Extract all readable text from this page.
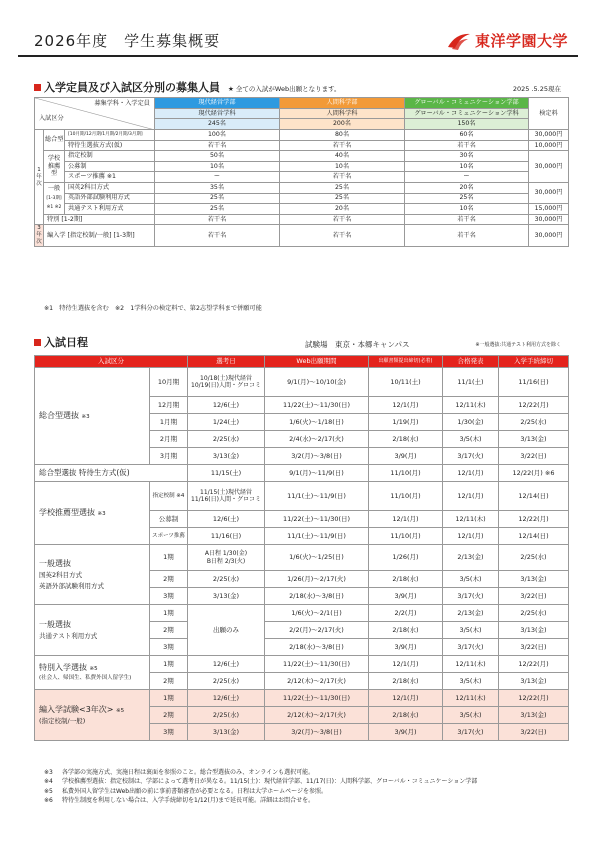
2026年度　学生募集概要	東洋学園大学
入学定員及び入試区分別の募集人員 ★ 全ての入試がWeb出願となります。	2025 .5.25現在
募集学科・入学定員
入試区分			現代経営学部	人間科学部	グローバル・コミュニケーション学部	検定料
			現代経営学科	人間科学科	グローバル・コミュニケーション学科	
			245名	200名	150名	
1年次	総合型	[10月期/12月期/1月期/2月期/3月期]	100名	80名	60名	30,000円
		特待生選抜方式(仮)	若干名	若干名	若干名	10,000円
	学校推薦型	指定校制	50名	40名	30名	30,000円
		公募制	10名	10名	10名	
		スポーツ推薦 ※1	ー	若干名	ー	
	一般
[1-3期]
※1 ※2	国英2科目方式	35名	25名	20名	30,000円
		英語外部試験利用方式	25名	25名	25名	
		共通テスト利用方式	25名	20名	10名	15,000円
	特別 [1-2期]		若干名	若干名	若干名	30,000円
3年次	編入学 [指定校制/一般] [1-3期]		若干名	若干名	若干名	30,000円
※1　特待生選抜を含む　※2　1学科分の検定料で、第2志望学科まで併願可能
入試日程	試験場　東京・本郷キャンパス	※一般選抜:共通テスト利用方式を除く
入試区分		選考日	Web出願期間	出願書類提出締切(必着)	合格発表	入学手続締切
総合型選抜 ※3	10月期	10/18(土)現代経営
10/19(日)人間・グロコミ	9/1(月)〜10/10(金)	10/11(土)	11/1(土)	11/16(日)
	12月期	12/6(土)	11/22(土)〜11/30(日)	12/1(月)	12/11(木)	12/22(月)
	1月期	1/24(土)	1/6(火)〜1/18(日)	1/19(月)	1/30(金)	2/25(水)
	2月期	2/25(水)	2/4(水)〜2/17(火)	2/18(水)	3/5(木)	3/13(金)
	3月期	3/13(金)	3/2(月)〜3/8(日)	3/9(月)	3/17(火)	3/22(日)
総合型選抜 特待生方式(仮)		11/15(土)	9/1(月)〜11/9(日)	11/10(月)	12/1(月)	12/22(月) ※6
学校推薦型選抜 ※3	指定校制 ※4	11/15(土)現代経営
11/16(日)人間・グロコミ	11/1(土)〜11/9(日)	11/10(月)	12/1(月)	12/14(日)
	公募制	12/6(土)	11/22(土)〜11/30(日)	12/1(月)	12/11(木)	12/22(月)
	スポーツ推薦	11/16(日)	11/1(土)〜11/9(日)	11/10(月)	12/1(月)	12/14(日)
一般選抜
国英2科目方式
英語外部試験利用方式	1期	A日程 1/30(金)
B日程 2/3(火)	1/6(火)〜1/25(日)	1/26(月)	2/13(金)	2/25(水)
	2期	2/25(水)	1/26(月)〜2/17(火)	2/18(水)	3/5(木)	3/13(金)
	3期	3/13(金)	2/18(水)〜3/8(日)	3/9(月)	3/17(火)	3/22(日)
一般選抜
共通テスト利用方式	1期	出願のみ	1/6(火)〜2/1(日)	2/2(月)	2/13(金)	2/25(水)
	2期		2/2(月)〜2/17(火)	2/18(水)	3/5(木)	3/13(金)
	3期		2/18(水)〜3/8(日)	3/9(月)	3/17(火)	3/22(日)
特別入学選抜 ※5
(社会人、帰国生、私費外国人留学生)	1期	12/6(土)	11/22(土)〜11/30(日)	12/1(月)	12/11(木)	12/22(月)
	2期	2/25(水)	2/12(木)〜2/17(火)	2/18(水)	3/5(木)	3/13(金)
編入学試験<3年次> ※5
(指定校制/一般)	1期	12/6(土)	11/22(土)〜11/30(日)	12/1(月)	12/11(木)	12/22(月)
	2期	2/25(水)	2/12(木)〜2/17(火)	2/18(水)	3/5(木)	3/13(金)
	3期	3/13(金)	3/2(月)〜3/8(日)	3/9(月)	3/17(火)	3/22(日)
※3 各学部の実施方式、実施日程は裏面を参照のこと。総合型選抜のみ、オンラインも選択可能。
※4 学校推薦型選抜：指定校制は、学部によって選考日が異なる。11/15(土)：現代経営学部、11/17(日)：人間科学部、グローバル・コミュニケーション学部
※5 私費外国人留学生はWeb出願の前に事前書類審査が必要となる。日程は大学ホームページを参照。
※6 特待生制度を利用しない場合は、入学手続締切を1/12(月)まで延長可能。詳細はお問合せを。
